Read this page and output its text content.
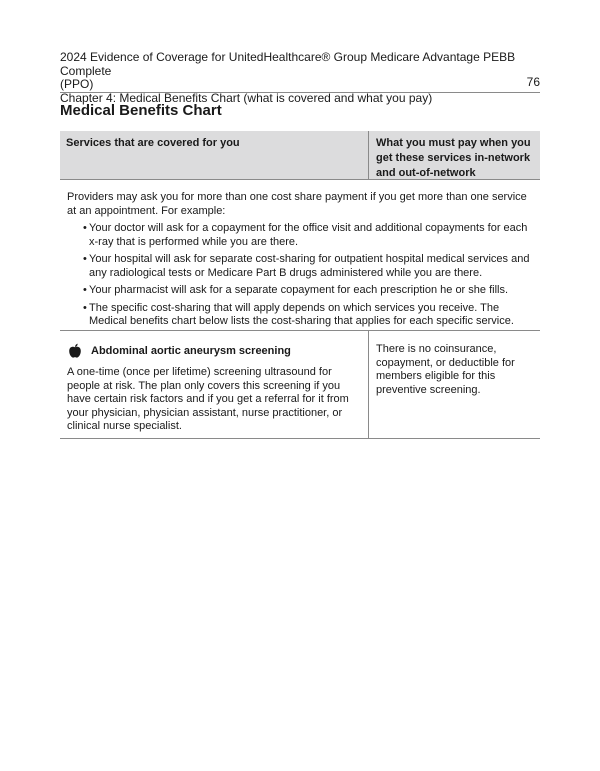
2024 Evidence of Coverage for UnitedHealthcare® Group Medicare Advantage PEBB Complete
(PPO)
Chapter 4: Medical Benefits Chart (what is covered and what you pay)
76
Medical Benefits Chart
Services that are covered for you	What you must pay when you get these services in-network and out-of-network
Providers may ask you for more than one cost share payment if you get more than one service at an appointment. For example:
• Your doctor will ask for a copayment for the office visit and additional copayments for each x-ray that is performed while you are there.
• Your hospital will ask for separate cost-sharing for outpatient hospital medical services and any radiological tests or Medicare Part B drugs administered while you are there.
• Your pharmacist will ask for a separate copayment for each prescription he or she fills.
• The specific cost-sharing that will apply depends on which services you receive. The Medical benefits chart below lists the cost-sharing that applies for each specific service.
Abdominal aortic aneurysm screening
A one-time (once per lifetime) screening ultrasound for people at risk. The plan only covers this screening if you have certain risk factors and if you get a referral for it from your physician, physician assistant, nurse practitioner, or clinical nurse specialist.
There is no coinsurance, copayment, or deductible for members eligible for this preventive screening.
